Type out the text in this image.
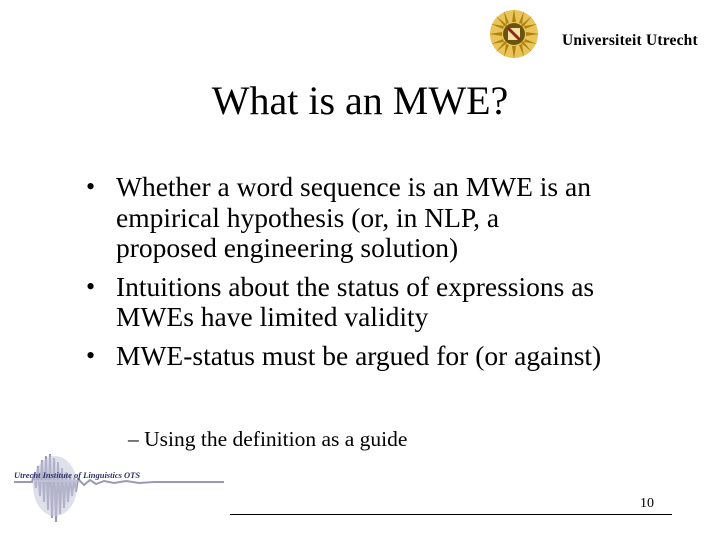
Universiteit Utrecht
What is an MWE?
• Whether a word sequence is an MWE is an
empirical hypothesis (or, in NLP, a
proposed engineering solution)
• Intuitions about the status of expressions as
MWEs have limited validity
• MWE-status must be argued for (or against)
– Using the definition as a guide
Utrecht Institute of Linguistics OTS
10
